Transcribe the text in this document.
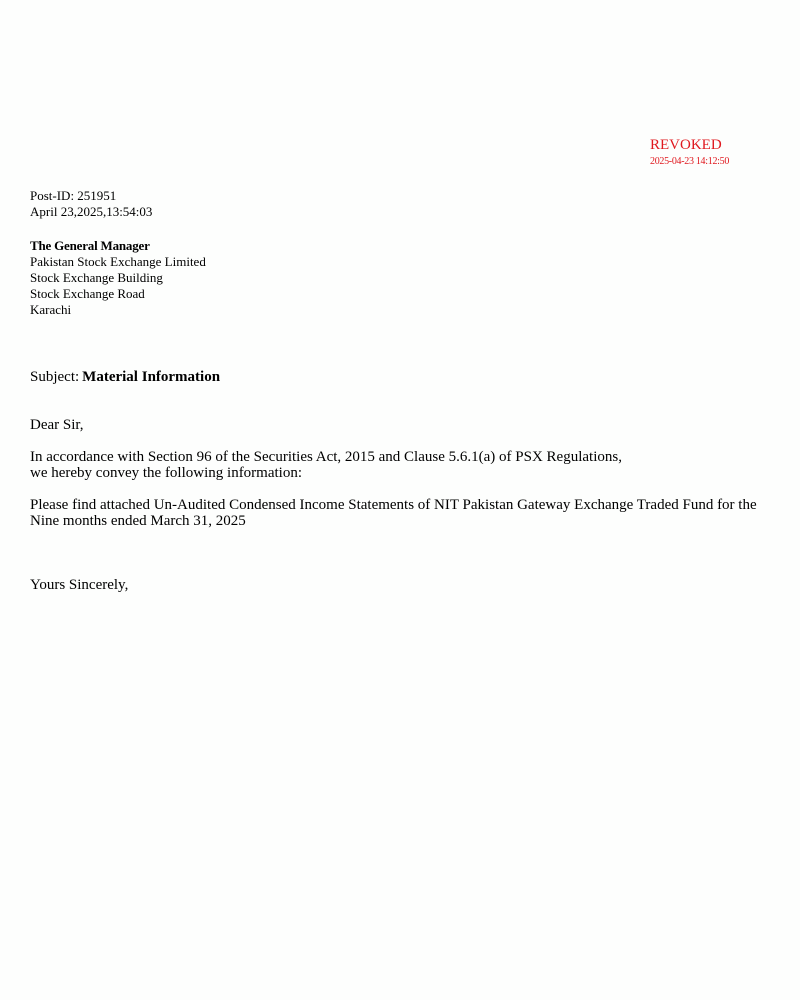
REVOKED
2025-04-23 14:12:50
Post-ID: 251951
April 23,2025,13:54:03
The General Manager
Pakistan Stock Exchange Limited
Stock Exchange Building
Stock Exchange Road
Karachi
Subject: Material Information
Dear Sir,
In accordance with Section 96 of the Securities Act, 2015 and Clause 5.6.1(a) of PSX Regulations,
we hereby convey the following information:
Please find attached Un-Audited Condensed Income Statements of NIT Pakistan Gateway Exchange Traded Fund for the
Nine months ended March 31, 2025
Yours Sincerely,
